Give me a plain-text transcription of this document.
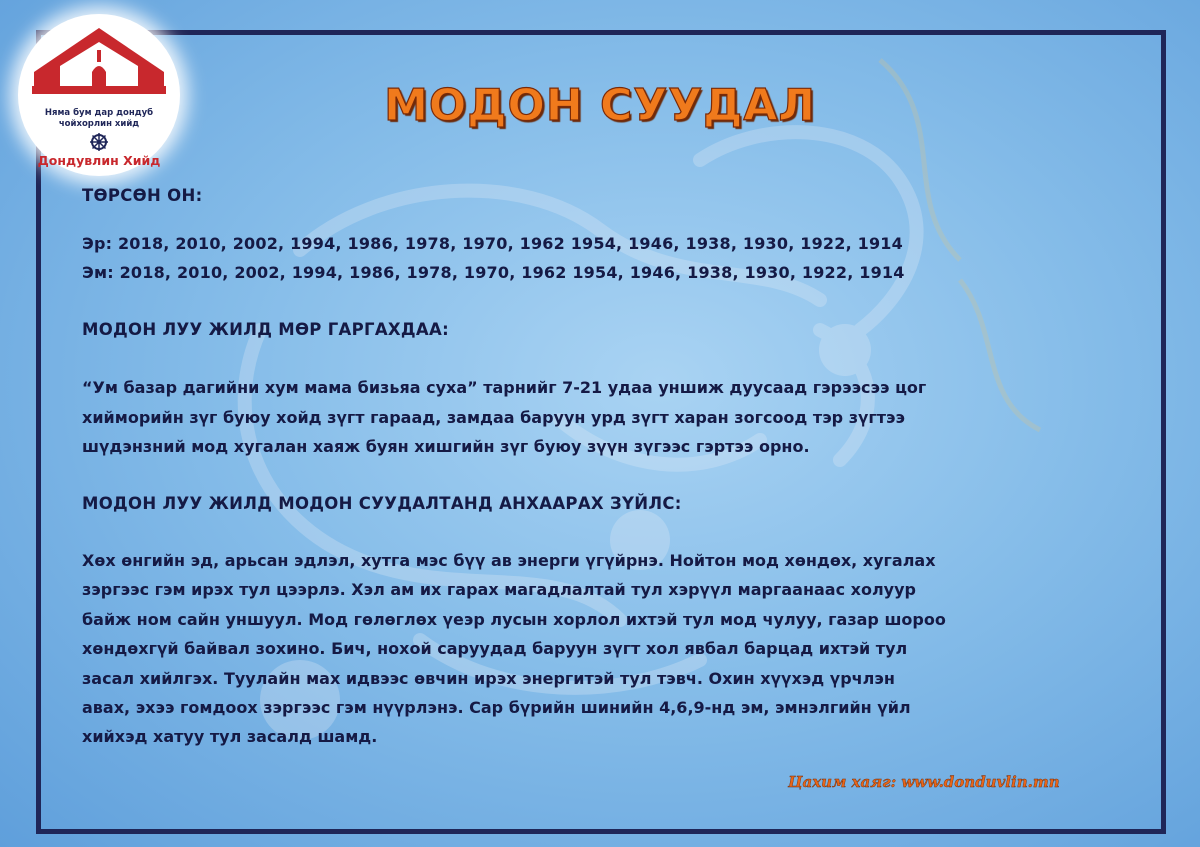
Няма бум дар дондуб
чойхорлин хийд
Дондувлин Хийд
МОДОН СУУДАЛ
ТӨРСӨН ОН:
Эр: 2018, 2010, 2002, 1994, 1986, 1978, 1970, 1962 1954, 1946, 1938, 1930, 1922, 1914
Эм: 2018, 2010, 2002, 1994, 1986, 1978, 1970, 1962 1954, 1946, 1938, 1930, 1922, 1914
МОДОН ЛУУ ЖИЛД МӨР ГАРГАХДАА:
“Ум базар дагийни хум мама бизьяа суха” тарнийг 7-21 удаа уншиж дуусаад гэрээсээ цог
хийморийн зүг буюу хойд зүгт гараад, замдаа баруун урд зүгт харан зогсоод тэр зүгтээ
шүдэнзний мод хугалан хаяж буян хишгийн зүг буюу зүүн зүгээс гэртээ орно.
МОДОН ЛУУ ЖИЛД МОДОН СУУДАЛТАНД АНХААРАХ ЗҮЙЛС:
Хөх өнгийн эд, арьсан эдлэл, хутга мэс бүү ав энерги үгүйрнэ. Нойтон мод хөндөх, хугалах
зэргээс гэм ирэх тул цээрлэ. Хэл ам их гарах магадлалтай тул хэрүүл маргаанаас холуур
байж ном сайн уншуул. Мод гөлөглөх үеэр лусын хорлол ихтэй тул мод чулуу, газар шороо
хөндөхгүй байвал зохино. Бич, нохой саруудад баруун зүгт хол явбал барцад ихтэй тул
засал хийлгэх. Туулайн мах идвээс өвчин ирэх энергитэй тул тэвч. Охин хүүхэд үрчлэн
авах, эхээ гомдоох зэргээс гэм нүүрлэнэ. Сар бүрийн шинийн 4,6,9-нд эм, эмнэлгийн үйл
хийхэд хатуу тул засалд шамд.
Цахим хаяг: www.donduvlin.mn
